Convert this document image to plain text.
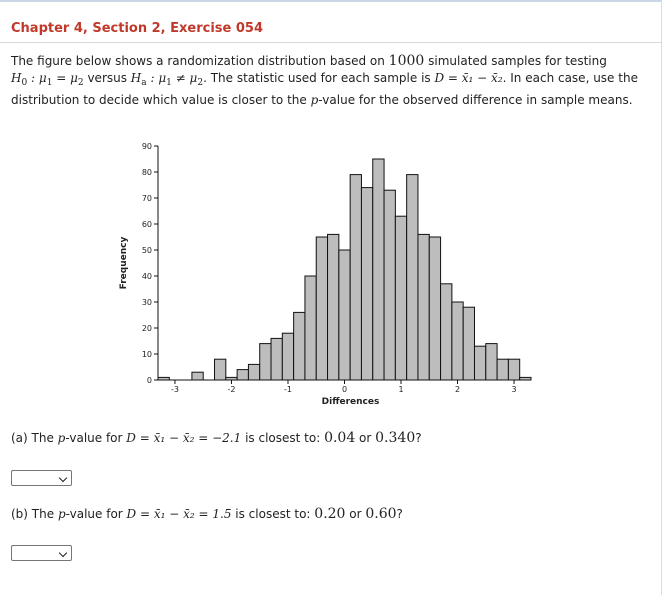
Chapter 4, Section 2, Exercise 054
The figure below shows a randomization distribution based on 1000 simulated samples for testing
$H_0$ : $\mu_1 = \mu_2$ versus $H_a$ : $\mu_1 \ne \mu_2$. The statistic used for each sample is D = x̄₁ − x̄₂. In each case, use the distribution to decide which value is closer to the p-value for the observed difference in sample means.
0
10
20
30
40
50
60
70
80
90
-3	-2	-1	0	1	2	3
Differences
Frequency
(a) The p-value for D = x̄₁ − x̄₂ = −2.1 is closest to: 0.04 or 0.340?
(b) The p-value for D = x̄₁ − x̄₂ = 1.5 is closest to: 0.20 or 0.60?
